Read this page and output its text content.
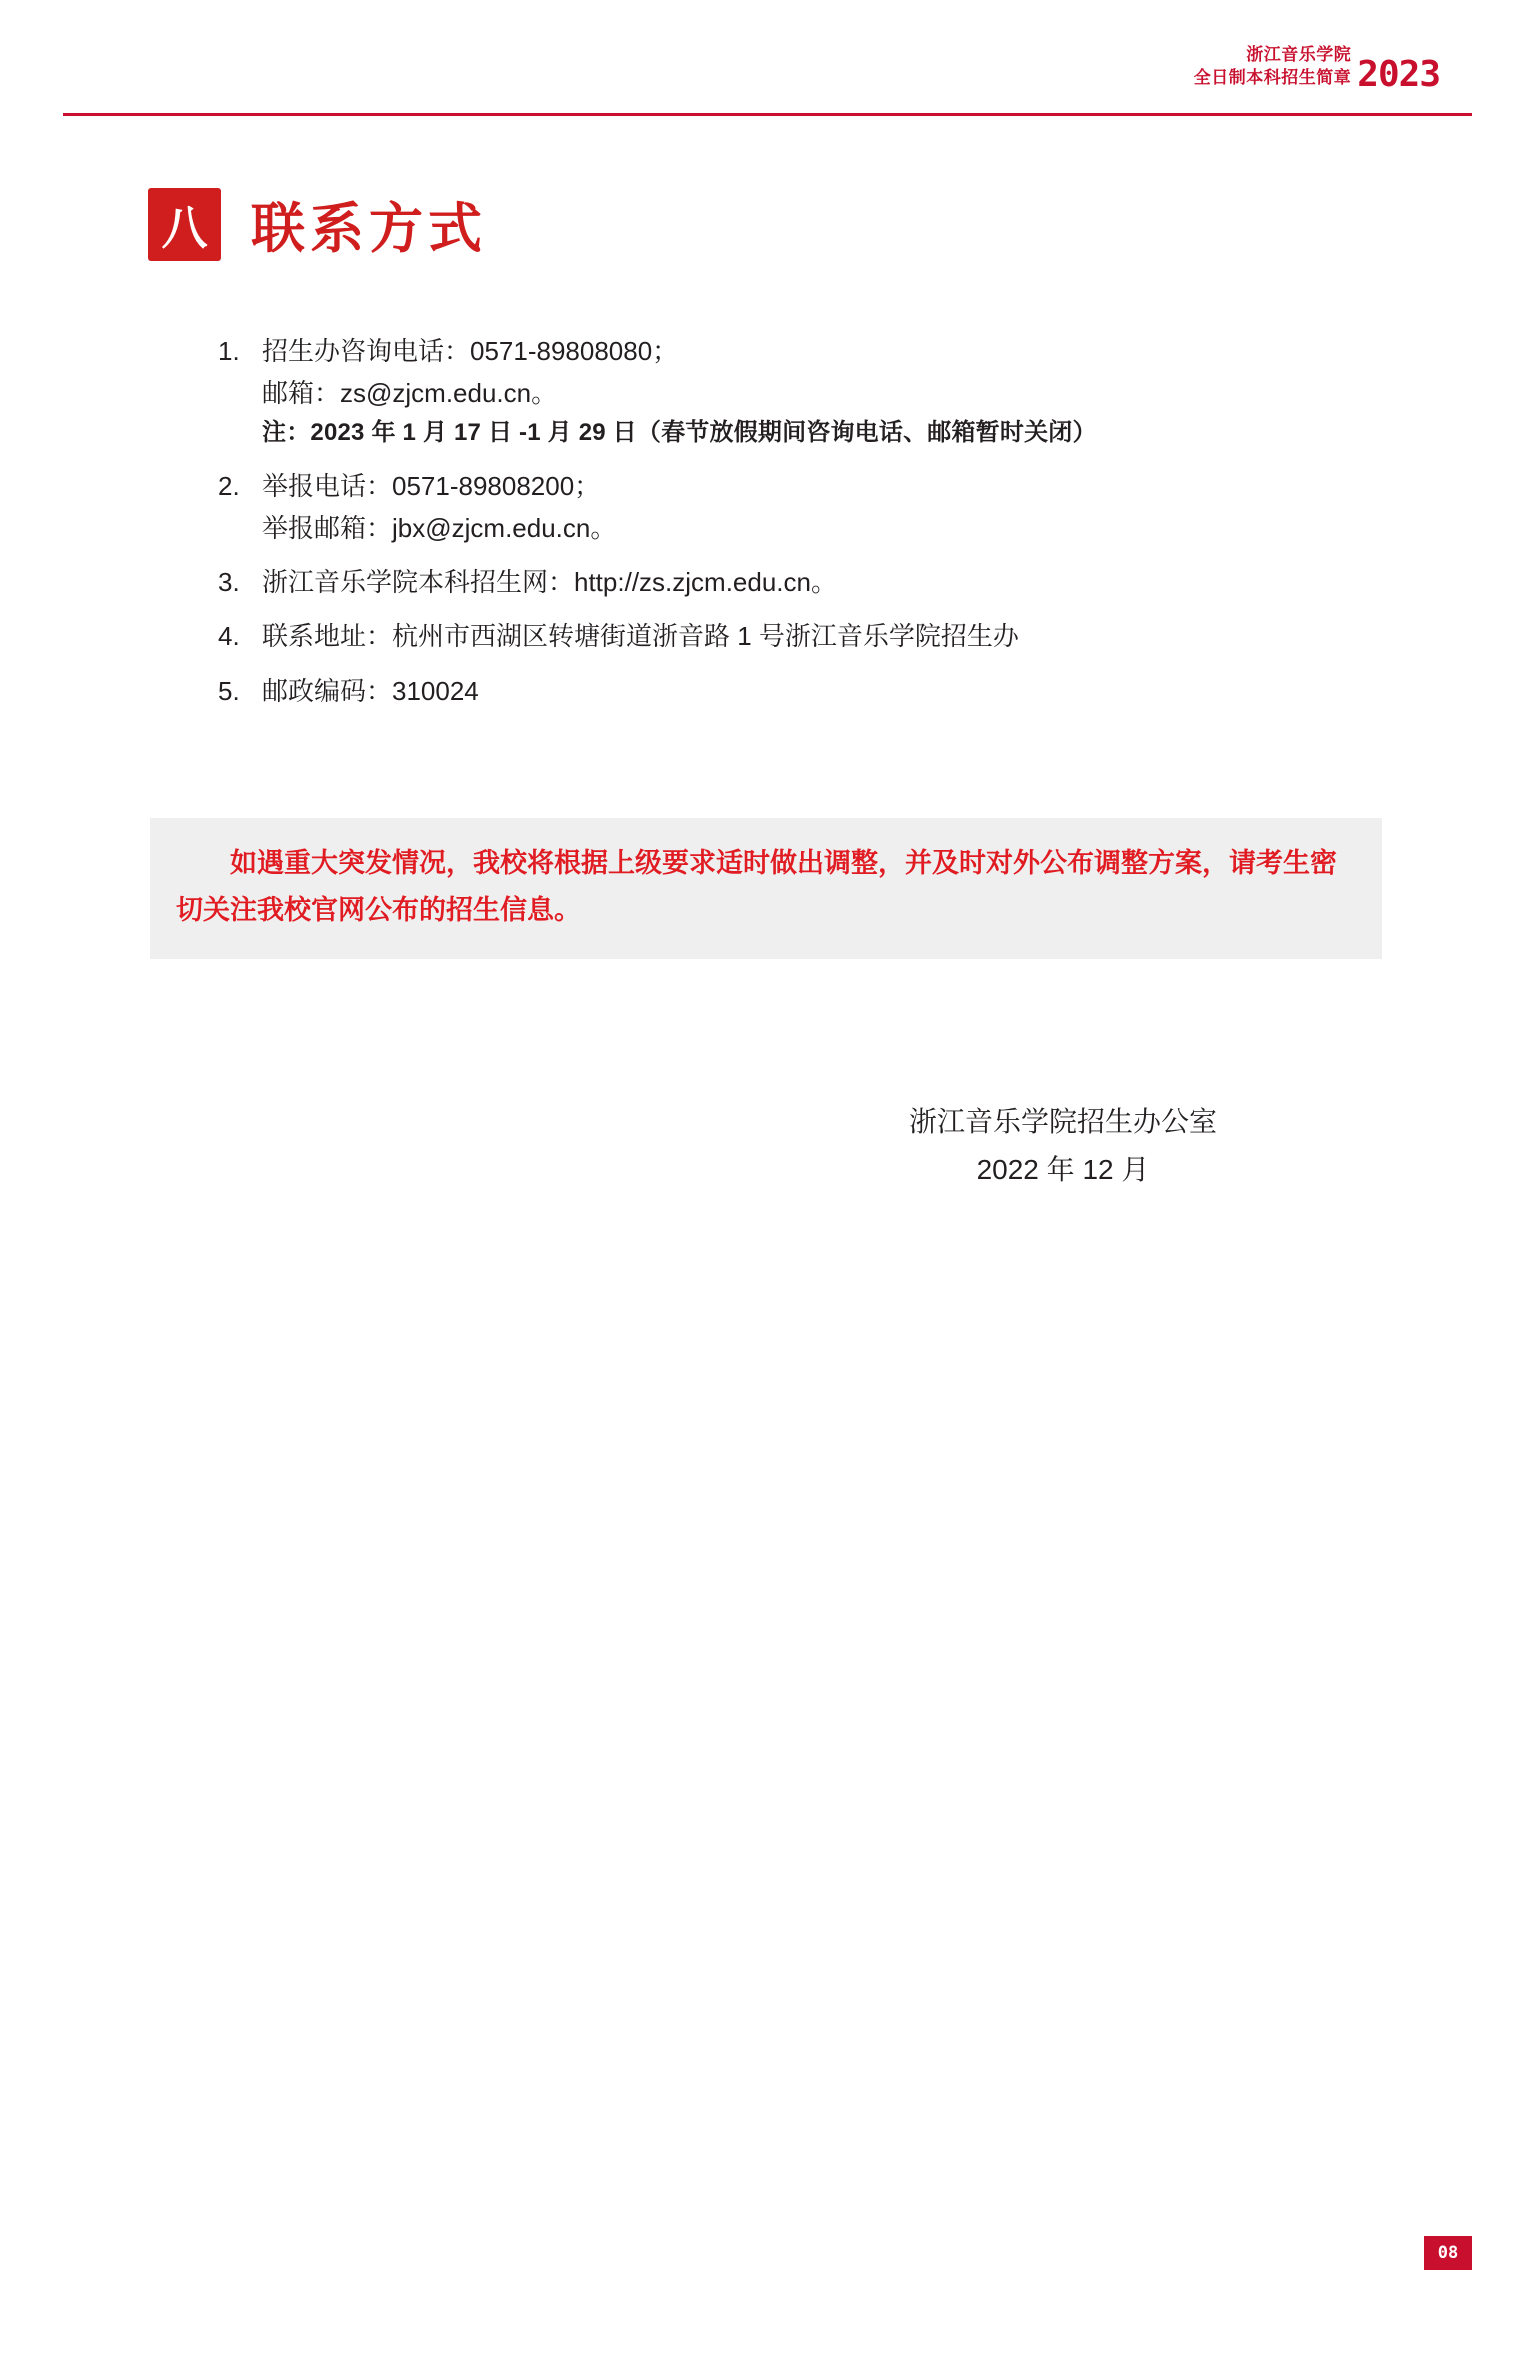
浙江音乐学院
全日制本科招生简章 2023
八 联系方式
1. 招生办咨询电话：0571-89808080；
邮箱：zs@zjcm.edu.cn。
注：2023 年 1 月 17 日 -1 月 29 日（春节放假期间咨询电话、邮箱暂时关闭）
2. 举报电话：0571-89808200；
举报邮箱：jbx@zjcm.edu.cn。
3. 浙江音乐学院本科招生网：http://zs.zjcm.edu.cn。
4. 联系地址：杭州市西湖区转塘街道浙音路 1 号浙江音乐学院招生办
5. 邮政编码：310024
如遇重大突发情况，我校将根据上级要求适时做出调整，并及时对外公布调整方案，请考生密切关注我校官网公布的招生信息。
浙江音乐学院招生办公室
2022 年 12 月
08
